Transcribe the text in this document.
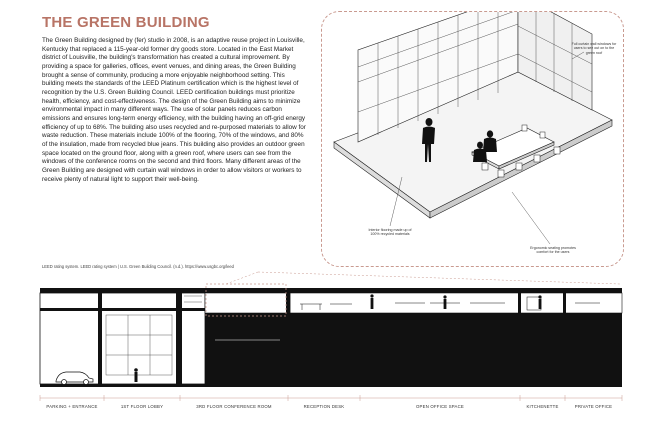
THE GREEN BUILDING

The Green Building designed by (fer) studio in 2008, is an adaptive reuse project in Louisville, Kentucky that replaced a 115-year-old former dry goods store. Located in the East Market district of Louisville, the building's transformation has created a cultural improvement. By providing a space for galleries, offices, event venues, and dining areas, the Green Building brought a sense of community, producing a more enjoyable neighborhood setting. This building meets the standards of the LEED Platinum certification which is the highest level of recognition by the U.S. Green Building Council. LEED certification buildings must prioritize health, efficiency, and cost-effectiveness. The design of the Green Building aims to minimize environmental impact in many different ways. The use of solar panels reduces carbon emissions and ensures long-term energy efficiency, with the building having an off-grid energy efficiency of up to 68%. The building also uses recycled and re-purposed materials to allow for waste reduction. These materials include 100% of the flooring, 70% of the windows, and 80% of the insulation, made from recycled blue jeans. This building also provides an outdoor green space located on the ground floor, along with a green roof, where users can see from the windows of the conference rooms on the second and third floors. Many different areas of the Green Building are designed with curtain wall windows in order to allow visitors or workers to receive plenty of natural light to support their well-being.

LEED rating system. LEED rating system | U.S. Green Building Council. (n.d.). https://www.usgbc.org/leed
Full curtain wall windows for users to see out on to the green roof
Interior flooring made up of 100% recycled materials
Ergonomic seating promotes comfort for the users
PARKING + ENTRANCE	1ST FLOOR LOBBY	3RD FLOOR CONFERENCE ROOM	RECEPTION DESK	OPEN OFFICE SPACE	KITCHENETTE	PRIVATE OFFICE
